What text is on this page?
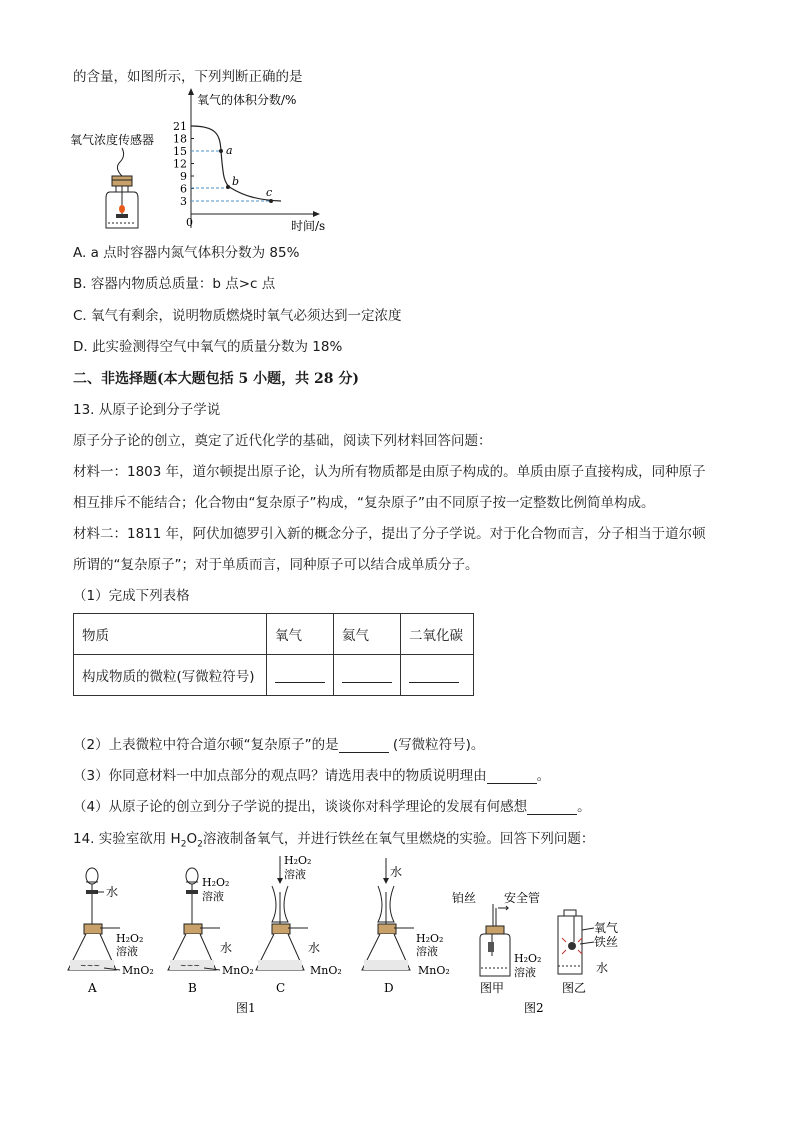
的含量，如图所示，下列判断正确的是
氧气浓度传感器
氧气的体积分数/%
时间/s
0
21
18
15
12
9
6
3
a
b
c
A. a 点时容器内氮气体积分数为 85%
B. 容器内物质总质量：b 点>c 点
C. 氧气有剩余，说明物质燃烧时氧气必须达到一定浓度
D. 此实验测得空气中氧气的质量分数为 18%
二、非选择题(本大题包括 5 小题，共 28 分)
13. 从原子论到分子学说
原子分子论的创立，奠定了近代化学的基础，阅读下列材料回答问题：
材料一：1803 年，道尔顿提出原子论，认为所有物质都是由原子构成的。单质由原子直接构成，同种原子
相互排斥不能结合；化合物由“复杂原子”构成，“复杂原子”由不同原子按一定整数比例简单构成。
材料二：1811 年，阿伏加德罗引入新的概念分子，提出了分子学说。对于化合物而言，分子相当于道尔顿
所谓的“复杂原子”；对于单质而言，同种原子可以结合成单质分子。
（1）完成下列表格
物质	氧气	氦气	二氧化碳
构成物质的微粒(写微粒符号)			
（2）上表微粒中符合道尔顿“复杂原子”的是	(写微粒符号)。
（3）你同意材料一中加点部分的观点吗？请选用表中的物质说明理由	。
（4）从原子论的创立到分子学说的提出，谈谈你对科学理论的发展有何感想	。
14. 实验室欲用 $H_2O_2$溶液制备氧气，并进行铁丝在氧气里燃烧的实验。回答下列问题：
水
∼∼∼
H₂O₂
溶液
MnO₂
A
H₂O₂
溶液
∼∼∼
水
MnO₂
B
H₂O₂
溶液
水
MnO₂
C
水
H₂O₂
溶液
MnO₂
D
图1
铂丝 安全管
H₂O₂
溶液
图甲
氧气
铁丝
水
图乙
图2
